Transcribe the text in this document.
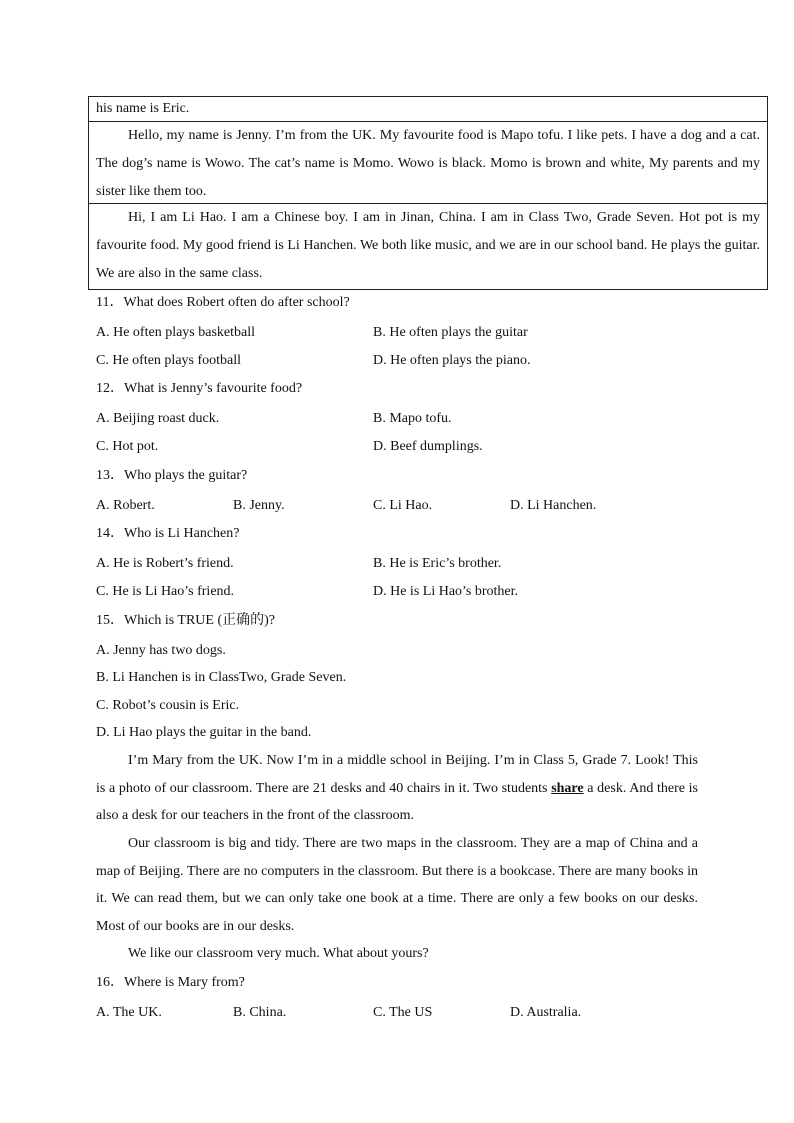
his name is Eric.

Hello, my name is Jenny. I’m from the UK. My favourite food is Mapo tofu. I like pets. I have a dog and a cat. The dog’s name is Wowo. The cat’s name is Momo. Wowo is black. Momo is brown and white, My parents and my sister like them too.

Hi, I am Li Hao. I am a Chinese boy. I am in Jinan, China. I am in Class Two, Grade Seven. Hot pot is my favourite food. My good friend is Li Hanchen. We both like music, and we are in our school band. He plays the guitar. We are also in the same class.

11．What does Robert often do after school?
A. He often plays basketball	B. He often plays the guitar
C. He often plays football	D. He often plays the piano.
12．What is Jenny’s favourite food?
A. Beijing roast duck.	B. Mapo tofu.
C. Hot pot.	D. Beef dumplings.
13．Who plays the guitar?
A. Robert.	B. Jenny.	C. Li Hao.	D. Li Hanchen.
14．Who is Li Hanchen?
A. He is Robert’s friend.	B. He is Eric’s brother.
C. He is Li Hao’s friend.	D. He is Li Hao’s brother.
15．Which is TRUE (正确的)?
A. Jenny has two dogs.
B. Li Hanchen is in ClassTwo, Grade Seven.
C. Robot’s cousin is Eric.
D. Li Hao plays the guitar in the band.

I’m Mary from the UK. Now I’m in a middle school in Beijing. I’m in Class 5, Grade 7. Look! This is a photo of our classroom. There are 21 desks and 40 chairs in it. Two students share a desk. And there is also a desk for our teachers in the front of the classroom.

Our classroom is big and tidy. There are two maps in the classroom. They are a map of China and a map of Beijing. There are no computers in the classroom. But there is a bookcase. There are many books in it. We can read them, but we can only take one book at a time. There are only a few books on our desks. Most of our books are in our desks.

We like our classroom very much. What about yours?

16．Where is Mary from?
A. The UK.	B. China.	C. The US	D. Australia.
